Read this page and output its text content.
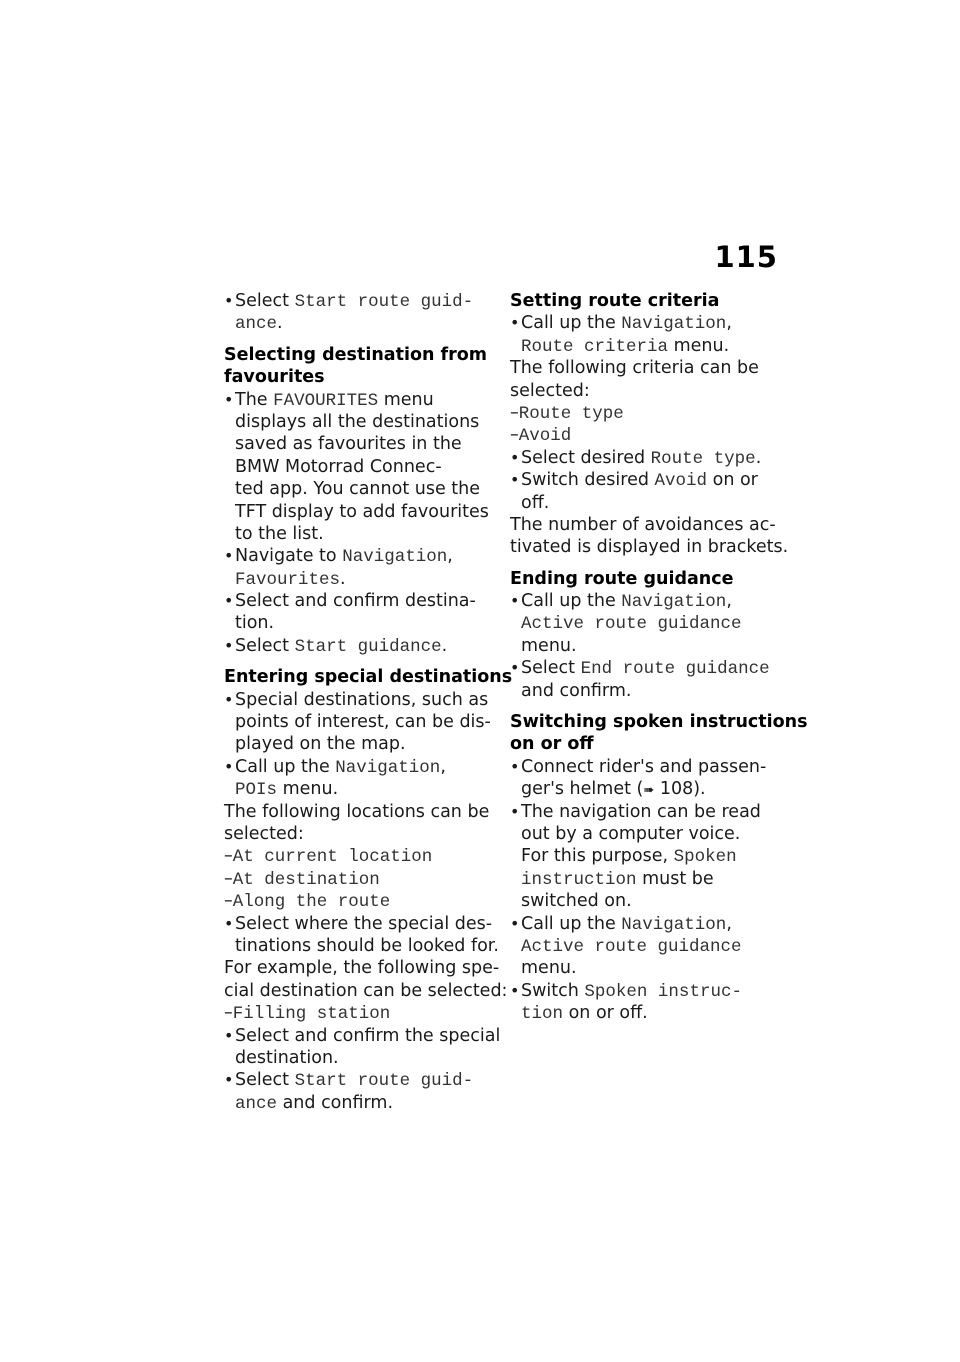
115
• Select Start route guid-
ance.
Selecting destination from
favourites
• The FAVOURITES menu
displays all the destinations
saved as favourites in the
BMW Motorrad Connec-
ted app. You cannot use the
TFT display to add favourites
to the list.
• Navigate to Navigation,
Favourites.
• Select and confirm destina-
tion.
• Select Start guidance.
Entering special destinations
• Special destinations, such as
points of interest, can be dis-
played on the map.
• Call up the Navigation,
POIs menu.
The following locations can be
selected:
–At current location
–At destination
–Along the route
• Select where the special des-
tinations should be looked for.
For example, the following spe-
cial destination can be selected:
–Filling station
• Select and confirm the special
destination.
• Select Start route guid-
ance and confirm.
Setting route criteria
• Call up the Navigation,
Route criteria menu.
The following criteria can be
selected:
–Route type
–Avoid
• Select desired Route type.
• Switch desired Avoid on or
off.
The number of avoidances ac-
tivated is displayed in brackets.
Ending route guidance
• Call up the Navigation,
Active route guidance
menu.
• Select End route guidance
and confirm.
Switching spoken instructions
on or off
• Connect rider's and passen-
ger's helmet (➠ 108).
• The navigation can be read
out by a computer voice.
For this purpose, Spoken
instruction must be
switched on.
• Call up the Navigation,
Active route guidance
menu.
• Switch Spoken instruc-
tion on or off.
